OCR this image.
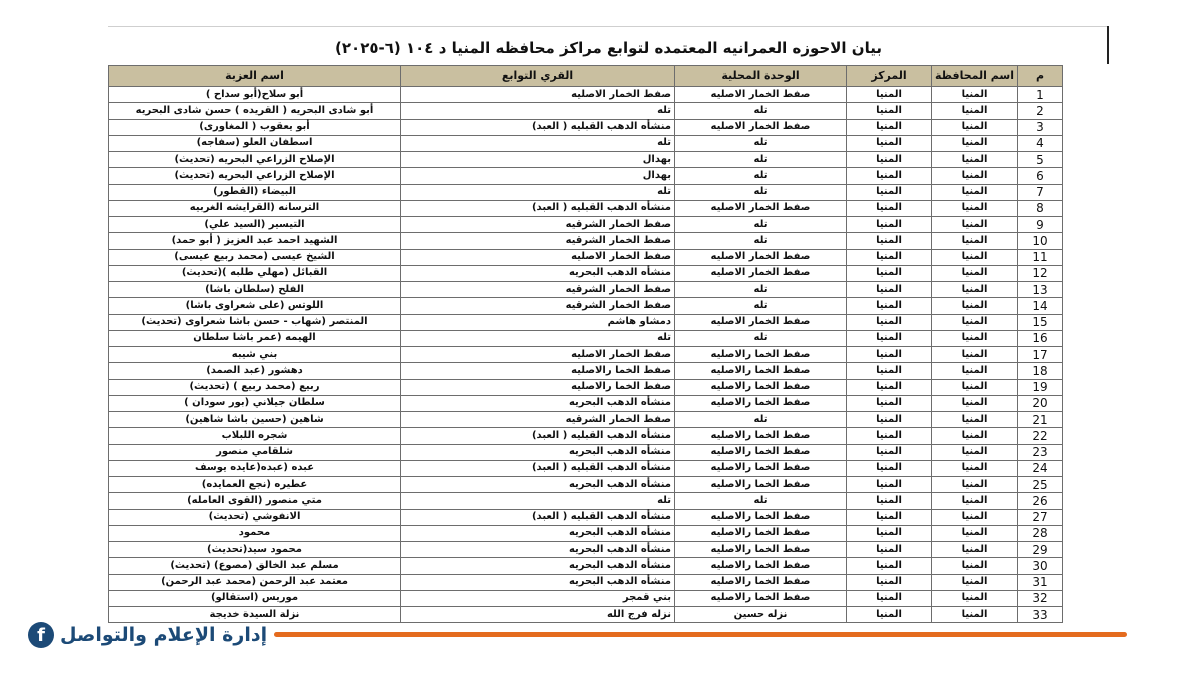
بيان الاحوزه العمرانيه المعتمده لتوابع مراكز محافظه المنيا د ١٠٤ (٦-٢٠٢٥)
م	اسم المحافظة	المركز	الوحدة المحلية	القري التوابع	اسم العزبة
1	المنيا	المنيا	صفط الخمار الاصليه	صفط الخمار الاصليه	أبو سلاح(أبو سداح )
2	المنيا	المنيا	تله	تله	أبو شادى البحريه ( القريده ) حسن شادى البحريه
3	المنيا	المنيا	صفط الخمار الاصليه	منشأه الدهب القبليه ( العبد)	أبو يعقوب ( المغاورى)
4	المنيا	المنيا	تله	تله	اسطفان العلو (سفاجه)
5	المنيا	المنيا	تله	بهدال	الإصلاح الزراعي البحريه (تحديث)
6	المنيا	المنيا	تله	بهدال	الإصلاح الزراعي البحريه (تحديث)
7	المنيا	المنيا	تله	تله	البيضاء (القطور)
8	المنيا	المنيا	صفط الخمار الاصليه	منشأه الدهب القبليه ( العبد)	الترسانه (القرايشه الغربيه
9	المنيا	المنيا	تله	صفط الخمار الشرقيه	التيسير (السيد علي)
10	المنيا	المنيا	تله	صفط الخمار الشرقيه	الشهيد احمد عبد العزيز ( أبو حمد)
11	المنيا	المنيا	صفط الخمار الاصليه	صفط الخمار الاصليه	الشيخ عيسى (محمد ربيع عيسى)
12	المنيا	المنيا	صفط الخمار الاصليه	منشأه الدهب البحريه	القبائل (مهلي طلبه )(تحديث)
13	المنيا	المنيا	تله	صفط الخمار الشرقيه	الفلح (سلطان باشا)
14	المنيا	المنيا	تله	صفط الخمار الشرقيه	اللوتس (على شعراوى باشا)
15	المنيا	المنيا	صفط الخمار الاصليه	دمشاو هاشم	المنتصر (شهاب - حسن باشا شعراوى (تحديث)
16	المنيا	المنيا	تله	تله	الهيمه (عمر باشا سلطان
17	المنيا	المنيا	صفط الخما رالاصليه	صفط الخمار الاصليه	بني شيبه
18	المنيا	المنيا	صفط الخما رالاصليه	صفط الخما رالاصليه	دهشور (عبد الصمد)
19	المنيا	المنيا	صفط الخما رالاصليه	صفط الخما رالاصليه	ربيع (محمد ربيع ) (تحديث)
20	المنيا	المنيا	صفط الخما رالاصليه	منشأه الدهب البحريه	سلطان جيلاني (بور سودان )
21	المنيا	المنيا	تله	صفط الخمار الشرقيه	شاهين (حسين باشا شاهين)
22	المنيا	المنيا	صفط الخما رالاصليه	منشأه الدهب القبليه ( العبد)	شجره اللبلاب
23	المنيا	المنيا	صفط الخما رالاصليه	منشأه الدهب البحريه	شلقامي منصور
24	المنيا	المنيا	صفط الخما رالاصليه	منشأه الدهب القبليه ( العبد)	عبده (عبده(عايده يوسف
25	المنيا	المنيا	صفط الخما رالاصليه	منشأه الدهب البحريه	عطيره (نجع العمايده)
26	المنيا	المنيا	تله	تله	متي منصور (القوى العامله)
27	المنيا	المنيا	صفط الخما رالاصليه	منشأه الدهب القبليه ( العبد)	الانفوشي (تحديث)
28	المنيا	المنيا	صفط الخما رالاصليه	منشأه الدهب البحريه	محمود
29	المنيا	المنيا	صفط الخما رالاصليه	منشأه الدهب البحريه	محمود سيد(تحديث)
30	المنيا	المنيا	صفط الخما رالاصليه	منشأه الدهب البحريه	مسلم عبد الخالق (مصوع) (تحديث)
31	المنيا	المنيا	صفط الخما رالاصليه	منشأه الدهب البحريه	معتمد عبد الرحمن (محمد عبد الرحمن)
32	المنيا	المنيا	صفط الخما رالاصليه	بني قمجر	موريس (استقالو)
33	المنيا	المنيا	نزله حسين	نزله فرج الله	نزلة السيدة خديجة
f إدارة الإعلام والتواصل
